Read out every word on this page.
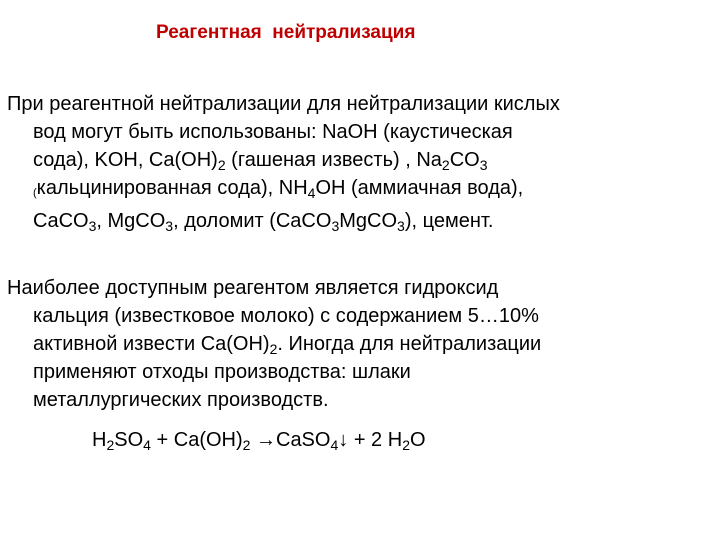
Реагентная  нейтрализация
При реагентной нейтрализации для нейтрализации кислых
вод могут быть использованы: NaOH (каустическая
сода), KOH, $Ca(OH)_2$ (гашеная известь) , $Na_2CO_3$
(кальцинированная сода), $NH_4OH$ (аммиачная вода),
CaCO$_3$, MgCO$_3$, доломит (CaCO$_3$MgCO$_3$), цемент.
Наиболее доступным реагентом является гидроксид
кальция (известковое молоко) с содержанием 5…10%
активной извести $Ca(OH)_2$. Иногда для нейтрализации
применяют отходы производства: шлаки
металлургических производств.
$H_2SO_4 + Ca(OH)_2$ →CaSO$_4$↓ + 2 $H_2O$
